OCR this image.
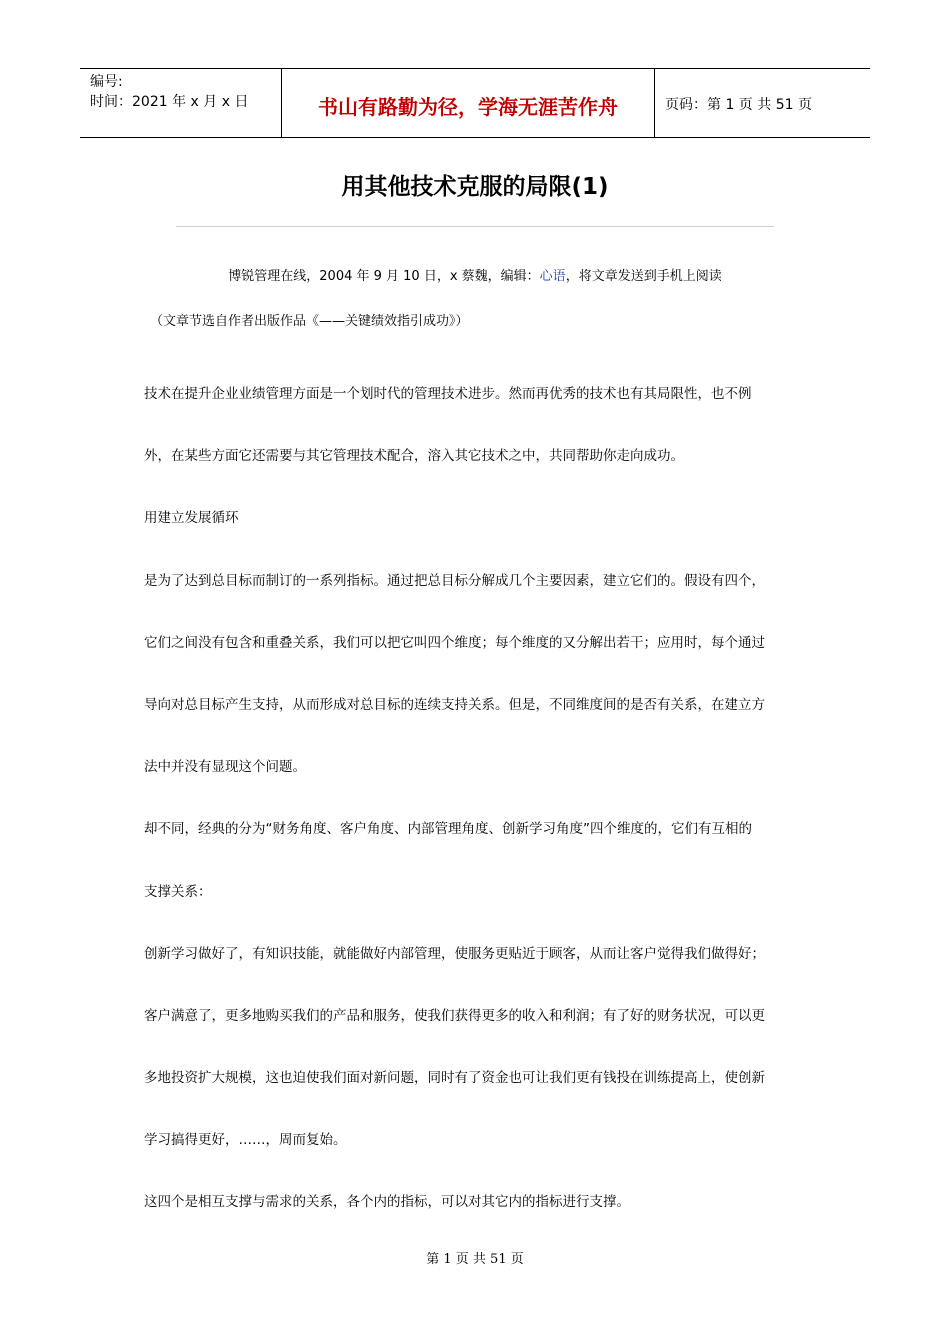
编号:
时间：2021 年 x 月 x 日	书山有路勤为径，学海无涯苦作舟	页码：第 1 页 共 51 页
用其他技术克服的局限(1)
博锐管理在线，2004 年 9 月 10 日，x 蔡魏，编辑：心语，将文章发送到手机上阅读
（文章节选自作者出版作品《——关键绩效指引成功》）
技术在提升企业业绩管理方面是一个划时代的管理技术进步。然而再优秀的技术也有其局限性，也不例
外，在某些方面它还需要与其它管理技术配合，溶入其它技术之中，共同帮助你走向成功。
用建立发展循环
是为了达到总目标而制订的一系列指标。通过把总目标分解成几个主要因素，建立它们的。假设有四个，
它们之间没有包含和重叠关系，我们可以把它叫四个维度；每个维度的又分解出若干；应用时，每个通过
导向对总目标产生支持，从而形成对总目标的连续支持关系。但是，不同维度间的是否有关系，在建立方
法中并没有显现这个问题。
却不同，经典的分为“财务角度、客户角度、内部管理角度、创新学习角度”四个维度的，它们有互相的
支撑关系：
创新学习做好了，有知识技能，就能做好内部管理，使服务更贴近于顾客，从而让客户觉得我们做得好；
客户满意了，更多地购买我们的产品和服务，使我们获得更多的收入和利润；有了好的财务状况，可以更
多地投资扩大规模，这也迫使我们面对新问题，同时有了资金也可让我们更有钱投在训练提高上，使创新
学习搞得更好，……，周而复始。
这四个是相互支撑与需求的关系，各个内的指标，可以对其它内的指标进行支撑。
第 1 页 共 51 页
